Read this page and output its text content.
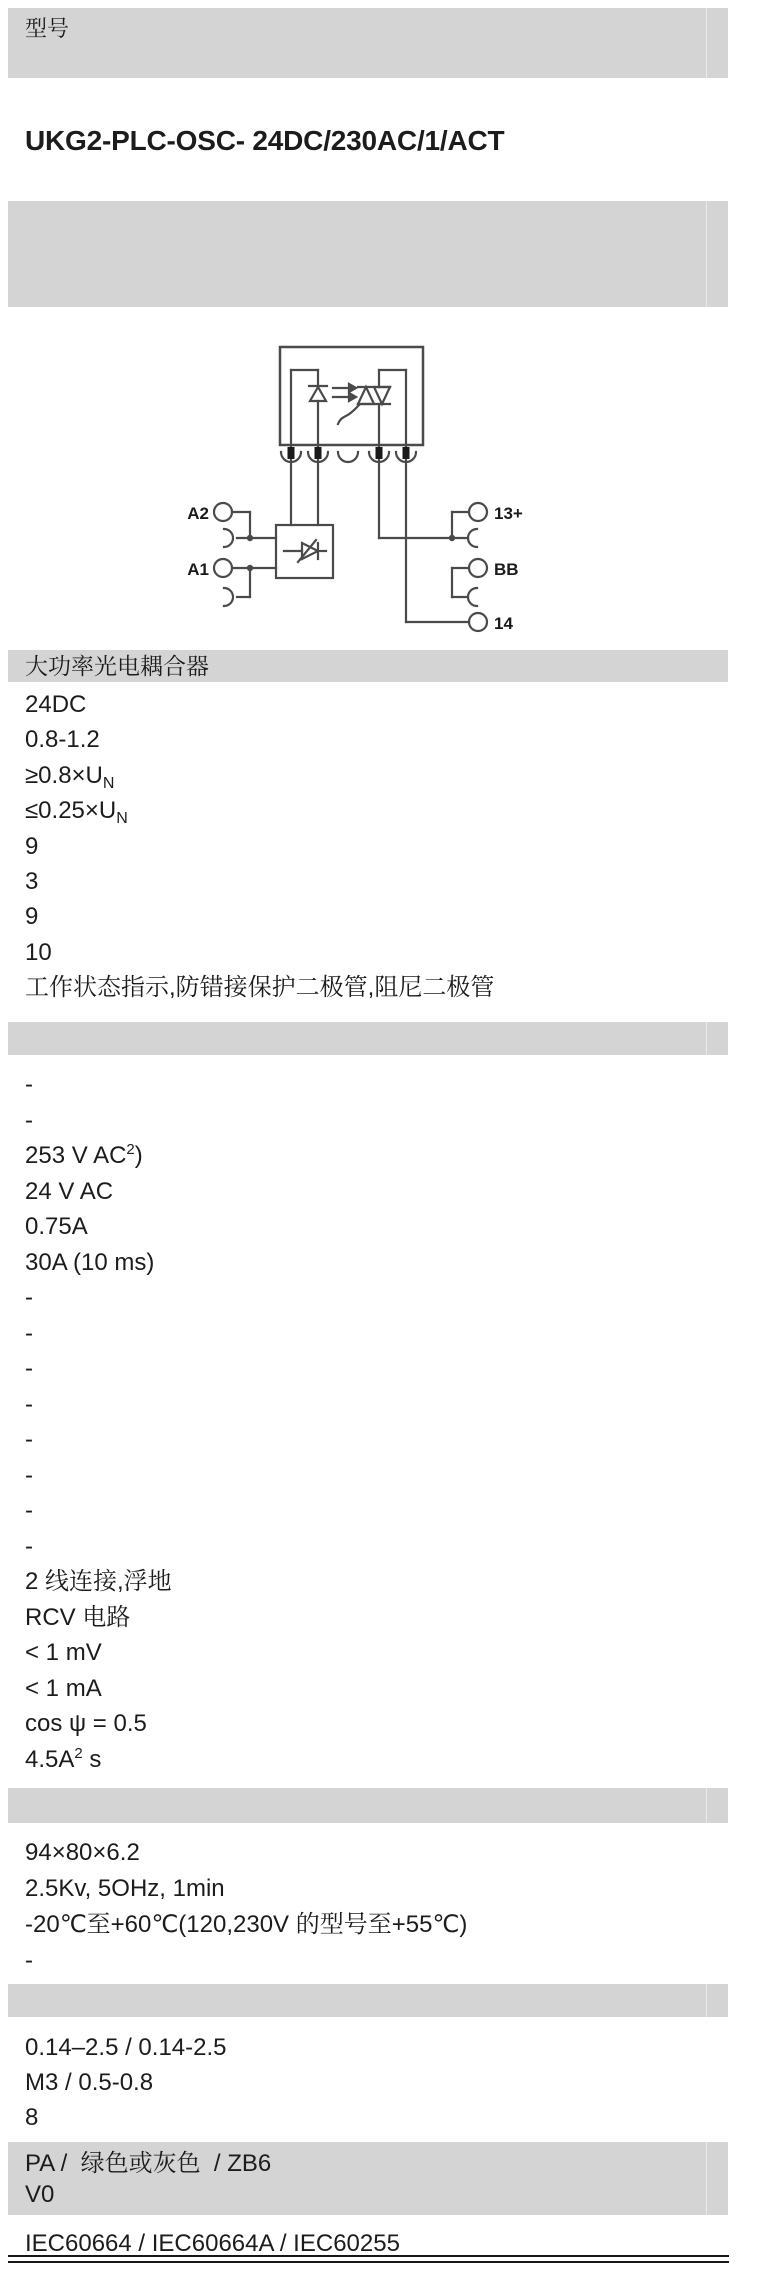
型号
UKG2-PLC-OSC- 24DC/230AC/1/ACT
A2
A1
13+
BB
14
大功率光电耦合器
24DC
0.8-1.2
$\ge 0.8\times U_N$
$\le 0.25\times U_N$
9
3
9
10
工作状态指示,防错接保护二极管,阻尼二极管
-
-
253 V $AC^2$)
24 V AC
0.75A
30A (10 ms)
-
-
-
-
-
-
-
-
2 线连接,浮地
RCV 电路
< 1 mV
< 1 mA
cos ψ = 0.5
$4.5A^2$ s
94×80×6.2
2.5Kv, 5OHz, 1min
-20℃至+60℃(120,230V 的型号至+55℃)
-
0.14–2.5 / 0.14-2.5
M3 / 0.5-0.8
8
PA /  绿色或灰色  / ZB6
V0
IEC60664 / IEC60664A / IEC60255
